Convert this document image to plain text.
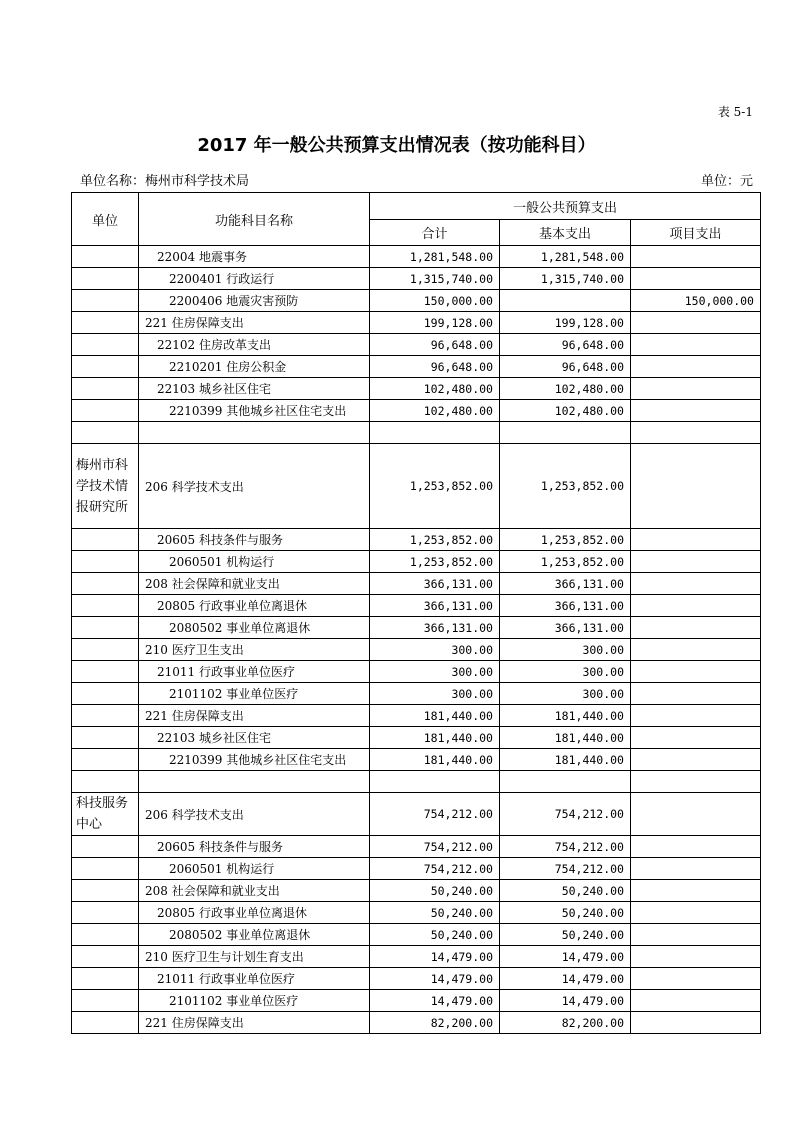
表 5-1
2017 年一般公共预算支出情况表（按功能科目）
单位名称：梅州市科学技术局	单位：元
单位	功能科目名称	一般公共预算支出		
		合计	基本支出	项目支出
	22004 地震事务	1,281,548.00	1,281,548.00	
	2200401 行政运行	1,315,740.00	1,315,740.00	
	2200406 地震灾害预防	150,000.00		150,000.00
	221 住房保障支出	199,128.00	199,128.00	
	22102 住房改革支出	96,648.00	96,648.00	
	2210201 住房公积金	96,648.00	96,648.00	
	22103 城乡社区住宅	102,480.00	102,480.00	
	2210399 其他城乡社区住宅支出	102,480.00	102,480.00	

梅州市科学技术情报研究所	206 科学技术支出	1,253,852.00	1,253,852.00	
	20605 科技条件与服务	1,253,852.00	1,253,852.00	
	2060501 机构运行	1,253,852.00	1,253,852.00	
	208 社会保障和就业支出	366,131.00	366,131.00	
	20805 行政事业单位离退休	366,131.00	366,131.00	
	2080502 事业单位离退休	366,131.00	366,131.00	
	210 医疗卫生支出	300.00	300.00	
	21011 行政事业单位医疗	300.00	300.00	
	2101102 事业单位医疗	300.00	300.00	
	221 住房保障支出	181,440.00	181,440.00	
	22103 城乡社区住宅	181,440.00	181,440.00	
	2210399 其他城乡社区住宅支出	181,440.00	181,440.00	

科技服务中心	206 科学技术支出	754,212.00	754,212.00	
	20605 科技条件与服务	754,212.00	754,212.00	
	2060501 机构运行	754,212.00	754,212.00	
	208 社会保障和就业支出	50,240.00	50,240.00	
	20805 行政事业单位离退休	50,240.00	50,240.00	
	2080502 事业单位离退休	50,240.00	50,240.00	
	210 医疗卫生与计划生育支出	14,479.00	14,479.00	
	21011 行政事业单位医疗	14,479.00	14,479.00	
	2101102 事业单位医疗	14,479.00	14,479.00	
	221 住房保障支出	82,200.00	82,200.00	
